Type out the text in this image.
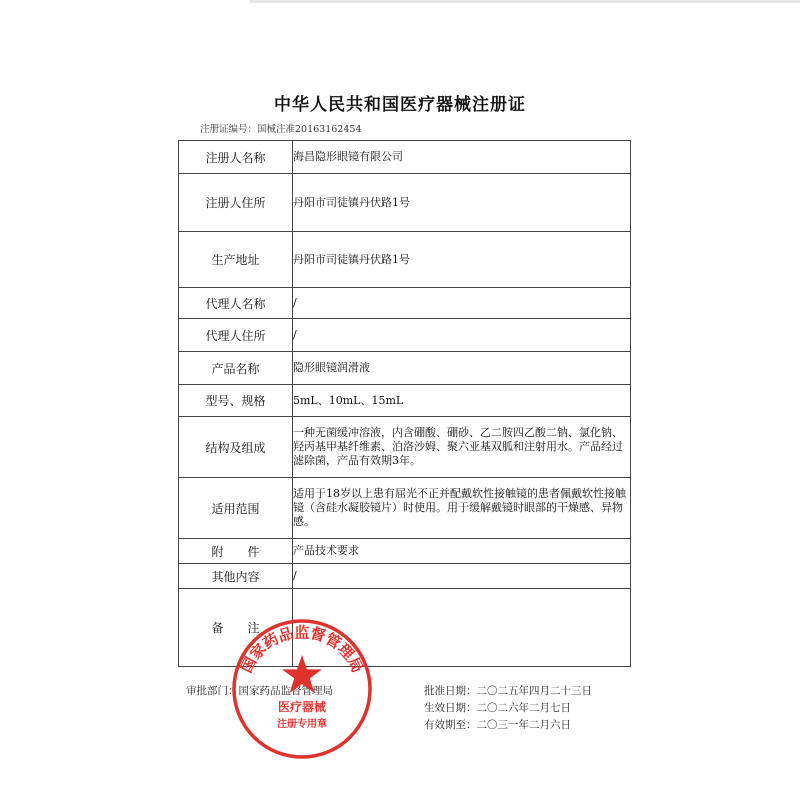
中华人民共和国医疗器械注册证
注册证编号：国械注准20163162454
注册人名称	海昌隐形眼镜有限公司
注册人住所	丹阳市司徒镇丹伏路1号
生产地址	丹阳市司徒镇丹伏路1号
代理人名称	/
代理人住所	/
产品名称	隐形眼镜润滑液
型号、规格	5mL、10mL、15mL
结构及组成	一种无菌缓冲溶液，内含硼酸、硼砂、乙二胺四乙酸二钠、氯化钠、羟丙基甲基纤维素、泊洛沙姆、聚六亚基双胍和注射用水。产品经过滤除菌，产品有效期3年。
适用范围	适用于18岁以上患有屈光不正并配戴软性接触镜的患者佩戴软性接触镜（含硅水凝胶镜片）时使用。用于缓解戴镜时眼部的干燥感、异物感。
附　　件	产品技术要求
其他内容	/
备　　注	
审批部门：国家药品监督管理局	批准日期：二〇二五年四月二十三日
生效日期：二〇二六年二月七日
有效期至：二〇三一年二月六日
国家药品监督管理局
医疗器械
注册专用章
